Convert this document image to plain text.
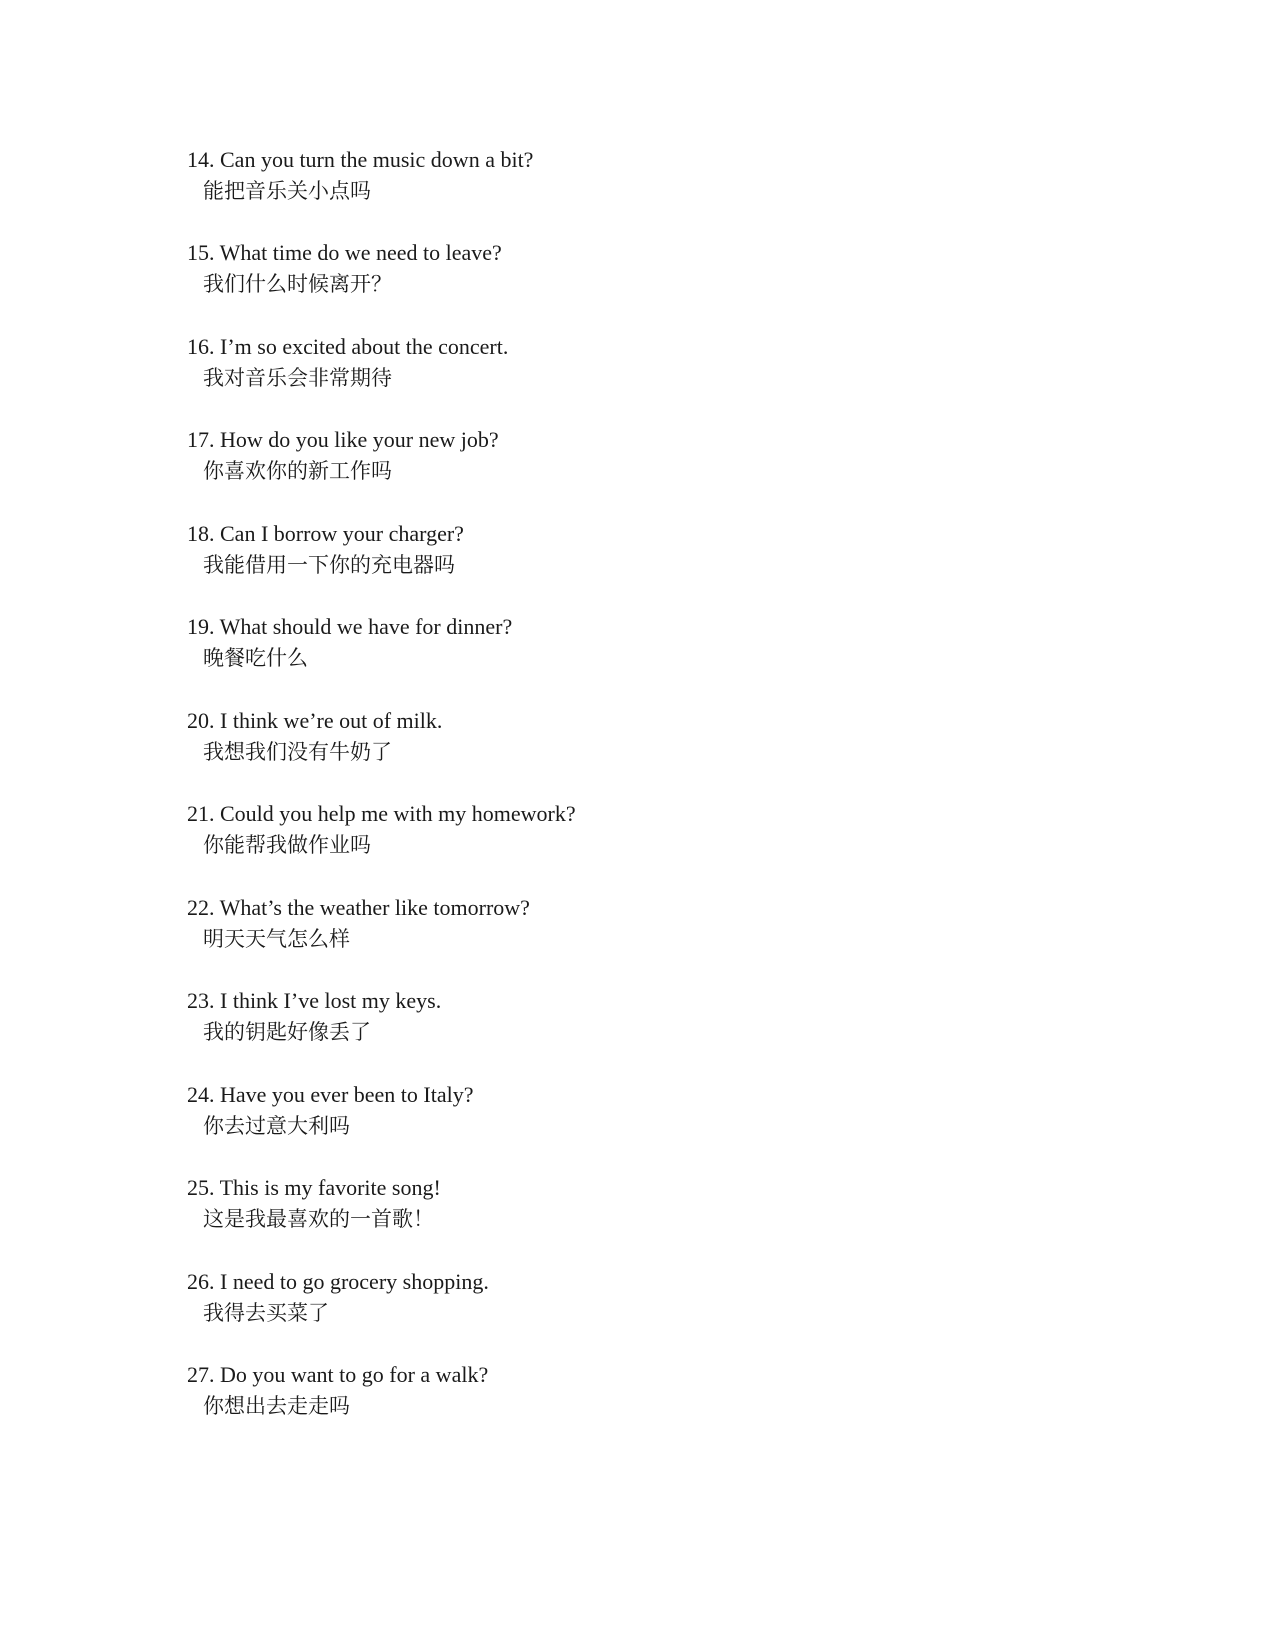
14. Can you turn the music down a bit?
能把音乐关小点吗
15. What time do we need to leave?
我们什么时候离开？
16. I’m so excited about the concert.
我对音乐会非常期待
17. How do you like your new job?
你喜欢你的新工作吗
18. Can I borrow your charger?
我能借用一下你的充电器吗
19. What should we have for dinner?
晚餐吃什么
20. I think we’re out of milk.
我想我们没有牛奶了
21. Could you help me with my homework?
你能帮我做作业吗
22. What’s the weather like tomorrow?
明天天气怎么样
23. I think I’ve lost my keys.
我的钥匙好像丢了
24. Have you ever been to Italy?
你去过意大利吗
25. This is my favorite song!
这是我最喜欢的一首歌！
26. I need to go grocery shopping.
我得去买菜了
27. Do you want to go for a walk?
你想出去走走吗
